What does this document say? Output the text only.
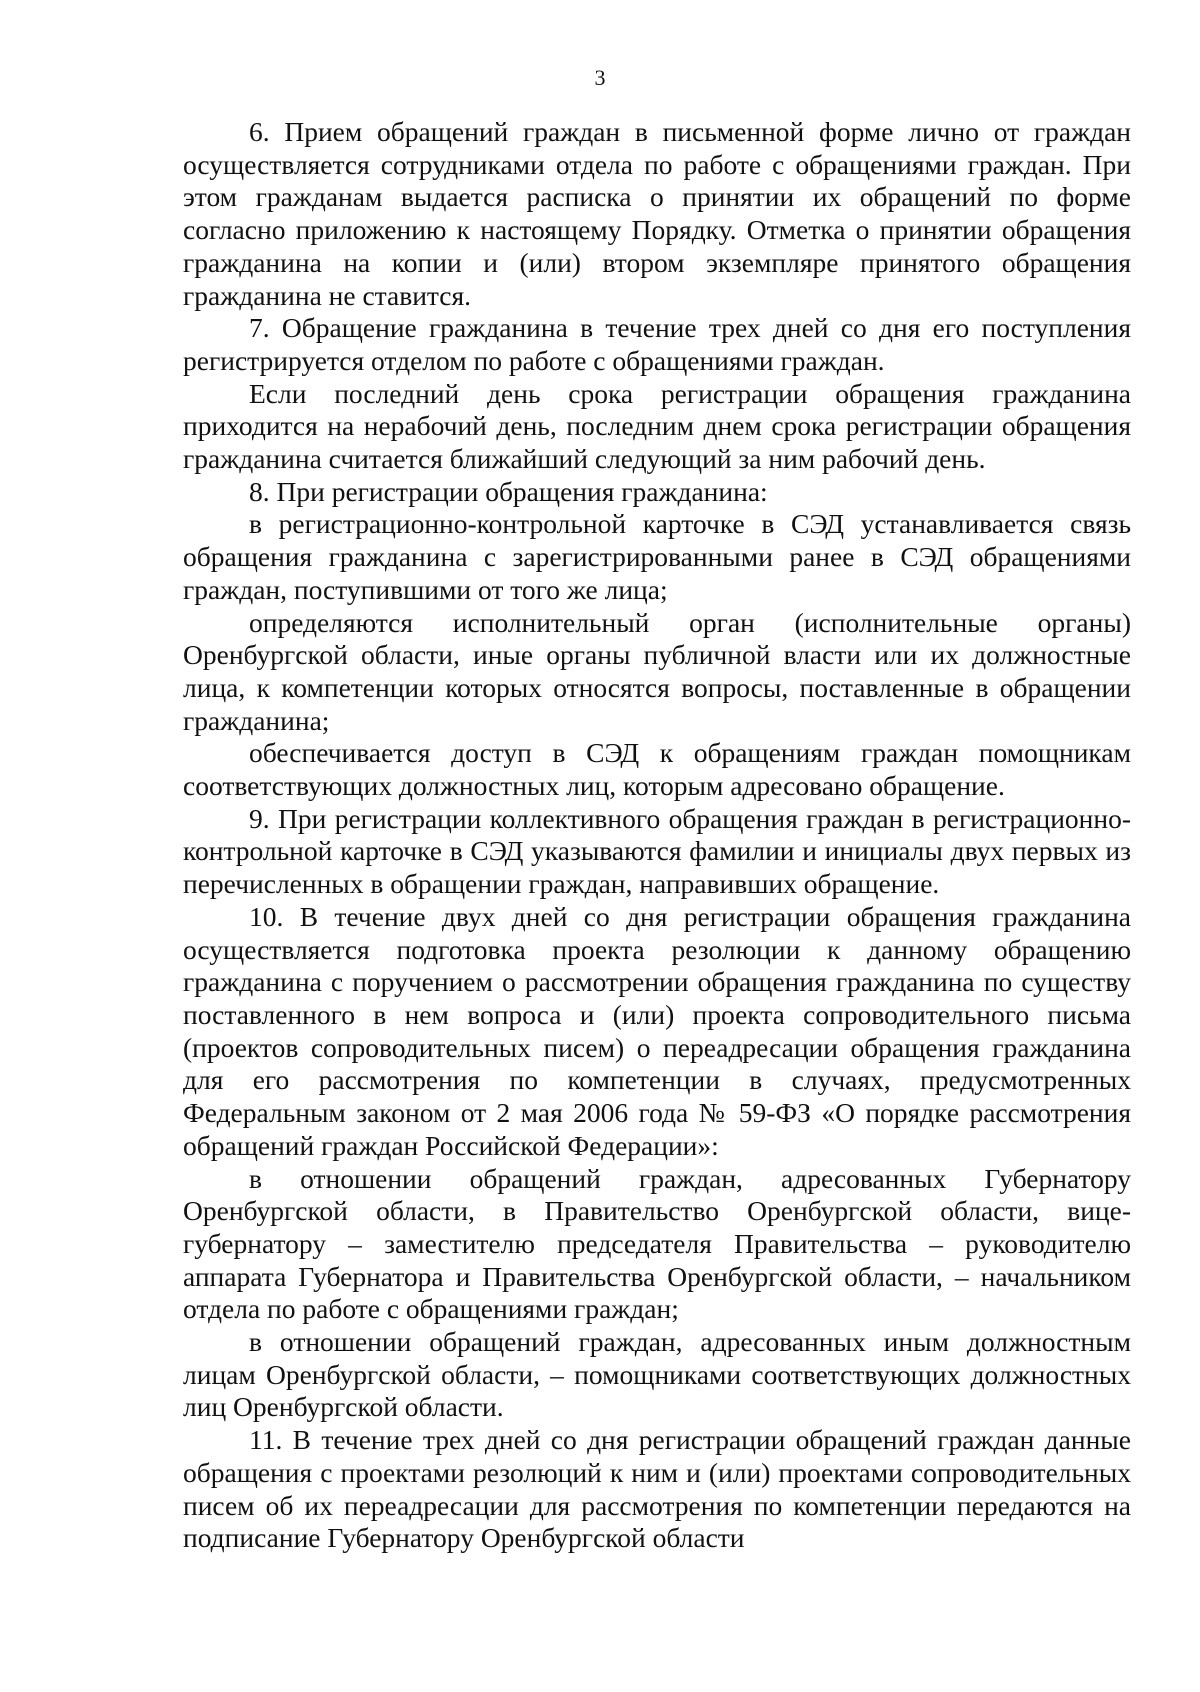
3

6. Прием обращений граждан в письменной форме лично от граждан осуществляется сотрудниками отдела по работе с обращениями граждан. При этом гражданам выдается расписка о принятии их обращений по форме согласно приложению к настоящему Порядку. Отметка о принятии обращения гражданина на копии и (или) втором экземпляре принятого обращения гражданина не ставится.

7. Обращение гражданина в течение трех дней со дня его поступления регистрируется отделом по работе с обращениями граждан.

Если последний день срока регистрации обращения гражданина приходится на нерабочий день, последним днем срока регистрации обращения гражданина считается ближайший следующий за ним рабочий день.

8. При регистрации обращения гражданина:

в регистрационно-контрольной карточке в СЭД устанавливается связь обращения гражданина с зарегистрированными ранее в СЭД обращениями граждан, поступившими от того же лица;

определяются исполнительный орган (исполнительные органы) Оренбургской области, иные органы публичной власти или их должностные лица, к компетенции которых относятся вопросы, поставленные в обращении гражданина;

обеспечивается доступ в СЭД к обращениям граждан помощникам соответствующих должностных лиц, которым адресовано обращение.

9. При регистрации коллективного обращения граждан в регистрационно-контрольной карточке в СЭД указываются фамилии и инициалы двух первых из перечисленных в обращении граждан, направивших обращение.

10. В течение двух дней со дня регистрации обращения гражданина осуществляется подготовка проекта резолюции к данному обращению гражданина с поручением о рассмотрении обращения гражданина по существу поставленного в нем вопроса и (или) проекта сопроводительного письма (проектов сопроводительных писем) о переадресации обращения гражданина для его рассмотрения по компетенции в случаях, предусмотренных Федеральным законом от 2 мая 2006 года № 59-ФЗ «О порядке рассмотрения обращений граждан Российской Федерации»:

в отношении обращений граждан, адресованных Губернатору Оренбургской области, в Правительство Оренбургской области, вице-губернатору – заместителю председателя Правительства – руководителю аппарата Губернатора и Правительства Оренбургской области, – начальником отдела по работе с обращениями граждан;

в отношении обращений граждан, адресованных иным должностным лицам Оренбургской области, – помощниками соответствующих должностных лиц Оренбургской области.

11. В течение трех дней со дня регистрации обращений граждан данные обращения с проектами резолюций к ним и (или) проектами сопроводительных писем об их переадресации для рассмотрения по компетенции передаются на подписание Губернатору Оренбургской области
